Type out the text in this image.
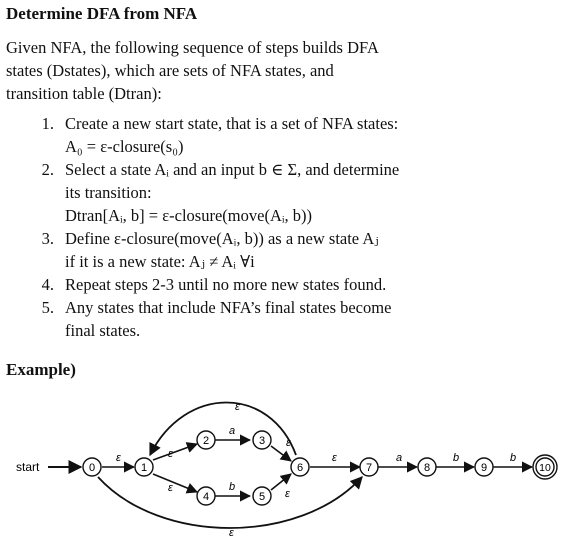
Determine DFA from NFA
Given NFA, the following sequence of steps builds DFA
states (Dstates), which are sets of NFA states, and
transition table (Dtran):
1. Create a new start state, that is a set of NFA states:
A₀ = ε-closure(s₀)
2. Select a state Aᵢ and an input b ∈ Σ, and determine
its transition:
Dtran[Aᵢ, b] = ε-closure(move(Aᵢ, b))
3. Define ε-closure(move(Aᵢ, b)) as a new state Aⱼ
if it is a new state: Aⱼ ≠ Aᵢ ∀i
4. Repeat steps 2-3 until no more new states found.
5. Any states that include NFA’s final states become
final states.
Example)
start
ε	ε
ε
a
b
ε
ε
ε	a	b	b
ε
ε
0	1
2	3
4	5
6	7	8	9	10
